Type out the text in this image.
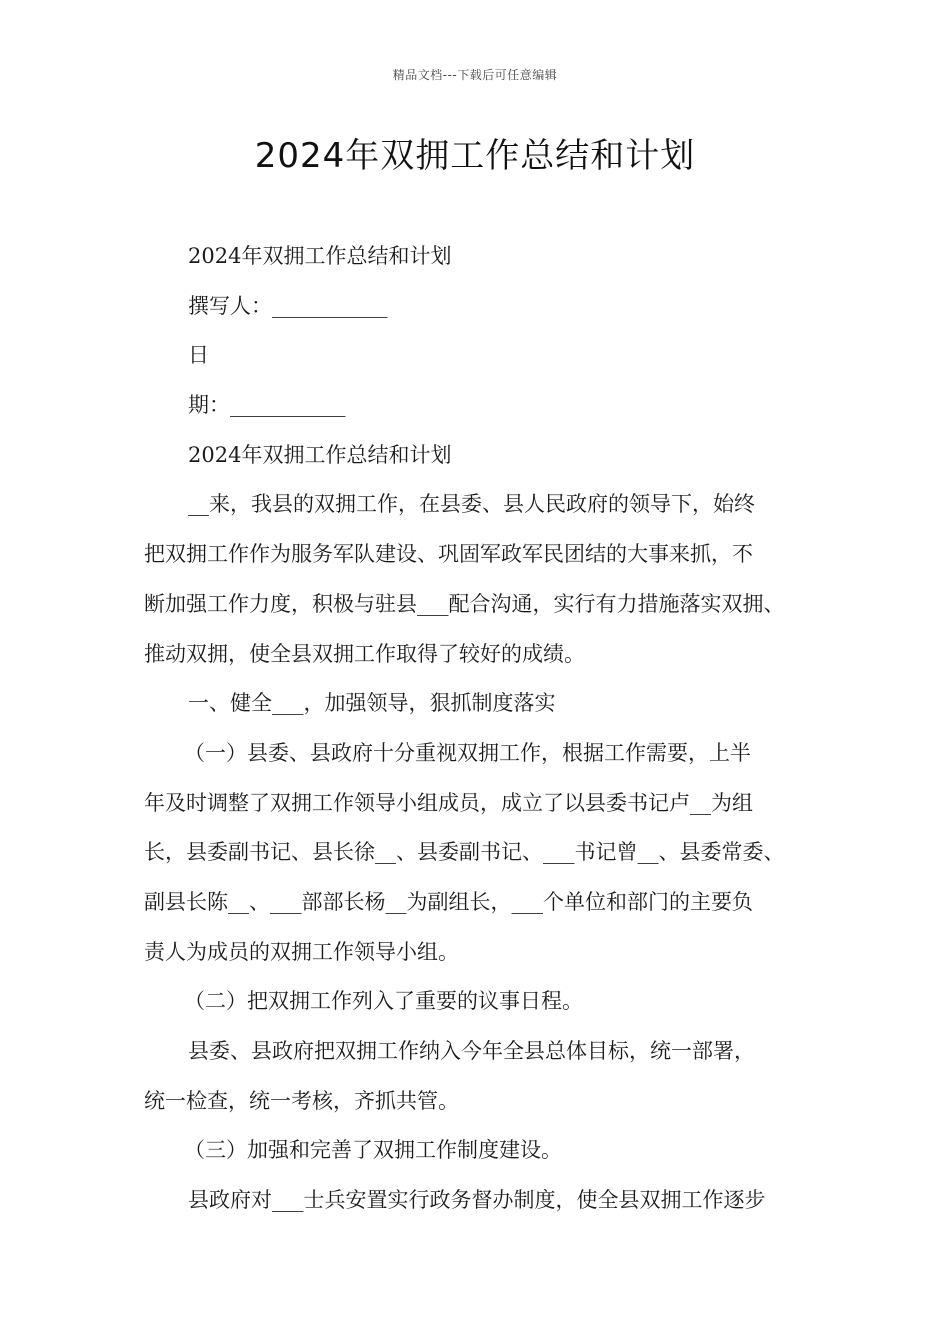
精品文档---下载后可任意编辑
2024年双拥工作总结和计划

2024年双拥工作总结和计划

撰写人：___________

日

期：___________

2024年双拥工作总结和计划

__来，我县的双拥工作，在县委、县人民政府的领导下，始终

把双拥工作作为服务军队建设、巩固军政军民团结的大事来抓，不

断加强工作力度，积极与驻县___配合沟通，实行有力措施落实双拥、

推动双拥，使全县双拥工作取得了较好的成绩。

一、健全___，加强领导，狠抓制度落实

（一）县委、县政府十分重视双拥工作，根据工作需要，上半

年及时调整了双拥工作领导小组成员，成立了以县委书记卢__为组

长，县委副书记、县长徐__、县委副书记、___书记曾__、县委常委、

副县长陈__、___部部长杨__为副组长，___个单位和部门的主要负

责人为成员的双拥工作领导小组。

（二）把双拥工作列入了重要的议事日程。

县委、县政府把双拥工作纳入今年全县总体目标，统一部署，

统一检查，统一考核，齐抓共管。

（三）加强和完善了双拥工作制度建设。

县政府对___士兵安置实行政务督办制度，使全县双拥工作逐步
